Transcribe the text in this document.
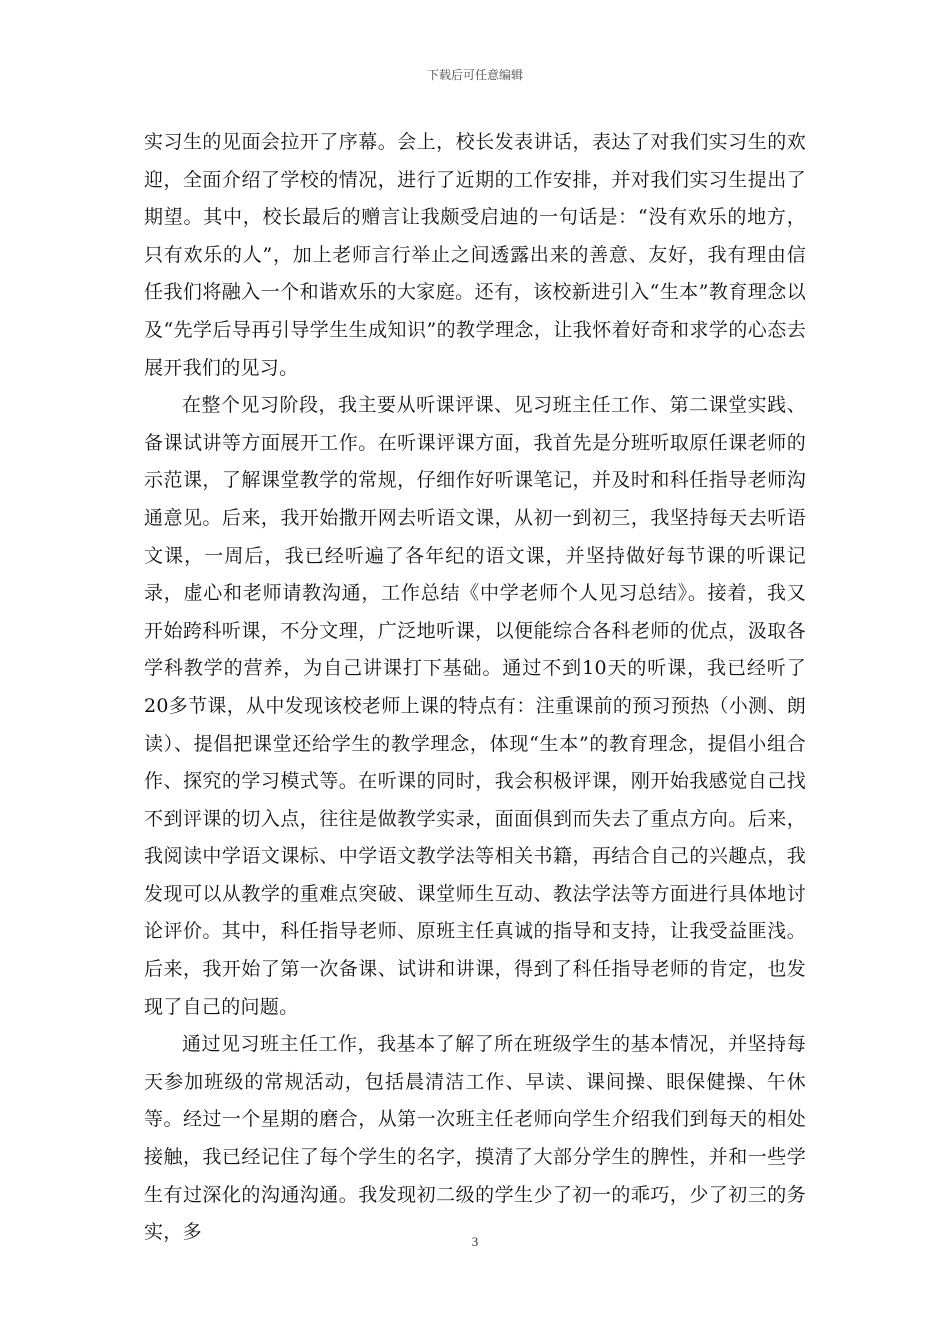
下载后可任意编辑

实习生的见面会拉开了序幕。会上，校长发表讲话，表达了对我们实习生的欢迎，全面介绍了学校的情况，进行了近期的工作安排，并对我们实习生提出了期望。其中，校长最后的赠言让我颇受启迪的一句话是：“没有欢乐的地方，只有欢乐的人”，加上老师言行举止之间透露出来的善意、友好，我有理由信任我们将融入一个和谐欢乐的大家庭。还有，该校新进引入“生本”教育理念以及“先学后导再引导学生生成知识”的教学理念，让我怀着好奇和求学的心态去展开我们的见习。

在整个见习阶段，我主要从听课评课、见习班主任工作、第二课堂实践、备课试讲等方面展开工作。在听课评课方面，我首先是分班听取原任课老师的示范课，了解课堂教学的常规，仔细作好听课笔记，并及时和科任指导老师沟通意见。后来，我开始撒开网去听语文课，从初一到初三，我坚持每天去听语文课，一周后，我已经听遍了各年纪的语文课，并坚持做好每节课的听课记录，虚心和老师请教沟通，工作总结《中学老师个人见习总结》。接着，我又开始跨科听课，不分文理，广泛地听课，以便能综合各科老师的优点，汲取各学科教学的营养，为自己讲课打下基础。通过不到10天的听课，我已经听了20多节课，从中发现该校老师上课的特点有：注重课前的预习预热（小测、朗读）、提倡把课堂还给学生的教学理念，体现“生本”的教育理念，提倡小组合作、探究的学习模式等。在听课的同时，我会积极评课，刚开始我感觉自己找不到评课的切入点，往往是做教学实录，面面俱到而失去了重点方向。后来，我阅读中学语文课标、中学语文教学法等相关书籍，再结合自己的兴趣点，我发现可以从教学的重难点突破、课堂师生互动、教法学法等方面进行具体地讨论评价。其中，科任指导老师、原班主任真诚的指导和支持，让我受益匪浅。后来，我开始了第一次备课、试讲和讲课，得到了科任指导老师的肯定，也发现了自己的问题。

通过见习班主任工作，我基本了解了所在班级学生的基本情况，并坚持每天参加班级的常规活动，包括晨清洁工作、早读、课间操、眼保健操、午休等。经过一个星期的磨合，从第一次班主任老师向学生介绍我们到每天的相处接触，我已经记住了每个学生的名字，摸清了大部分学生的脾性，并和一些学生有过深化的沟通沟通。我发现初二级的学生少了初一的乖巧，少了初三的务实，多	3
